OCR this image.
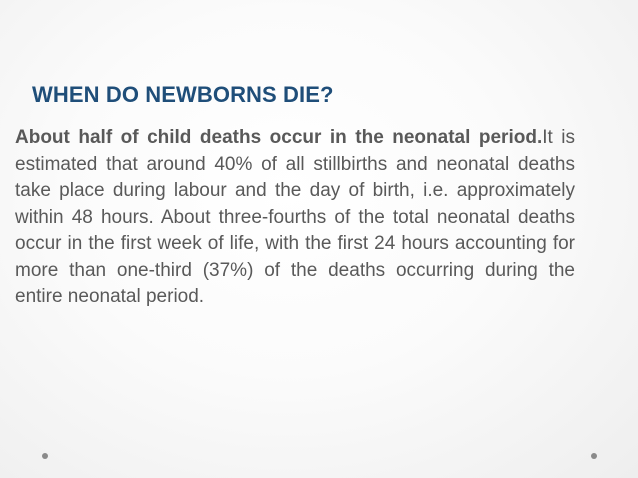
WHEN DO NEWBORNS DIE?

About half of child deaths occur in the neonatal period.It is estimated that around 40% of all stillbirths and neonatal deaths take place during labour and the day of birth, i.e. approximately within 48 hours. About three-fourths of the total neonatal deaths occur in the first week of life, with the first 24 hours accounting for more than one-third (37%) of the deaths occurring during the entire neonatal period.
